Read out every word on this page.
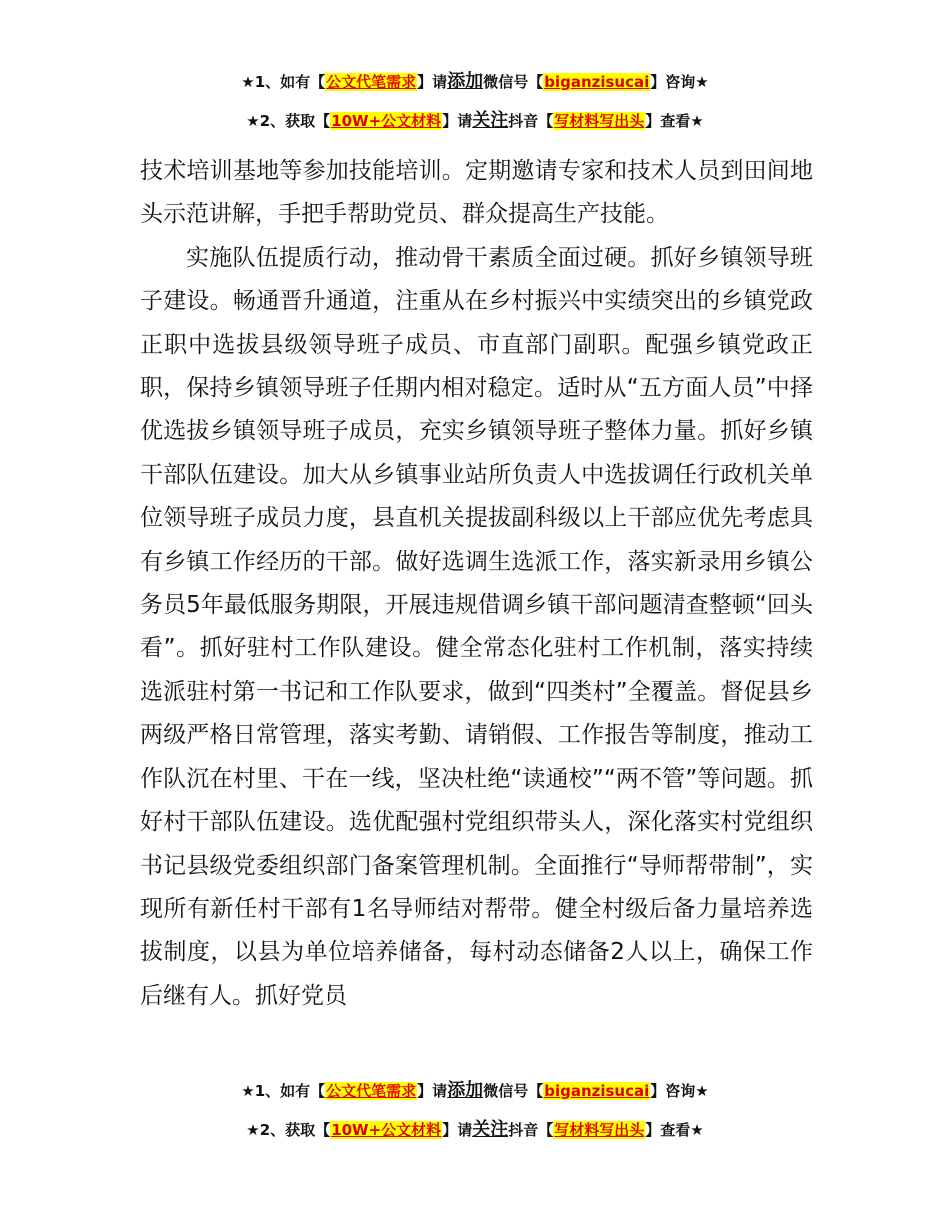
★1、如有【公文代笔需求】请添加微信号【biganzisucai】咨询★
★2、获取【10W+公文材料】请关注抖音【写材料写出头】查看★

技术培训基地等参加技能培训。定期邀请专家和技术人员到田间地头示范讲解，手把手帮助党员、群众提高生产技能。

实施队伍提质行动，推动骨干素质全面过硬。抓好乡镇领导班子建设。畅通晋升通道，注重从在乡村振兴中实绩突出的乡镇党政正职中选拔县级领导班子成员、市直部门副职。配强乡镇党政正职，保持乡镇领导班子任期内相对稳定。适时从“五方面人员”中择优选拔乡镇领导班子成员，充实乡镇领导班子整体力量。抓好乡镇干部队伍建设。加大从乡镇事业站所负责人中选拔调任行政机关单位领导班子成员力度，县直机关提拔副科级以上干部应优先考虑具有乡镇工作经历的干部。做好选调生选派工作，落实新录用乡镇公务员5年最低服务期限，开展违规借调乡镇干部问题清查整顿“回头看”。抓好驻村工作队建设。健全常态化驻村工作机制，落实持续选派驻村第一书记和工作队要求，做到“四类村”全覆盖。督促县乡两级严格日常管理，落实考勤、请销假、工作报告等制度，推动工作队沉在村里、干在一线，坚决杜绝“读通校”“两不管”等问题。抓好村干部队伍建设。选优配强村党组织带头人，深化落实村党组织书记县级党委组织部门备案管理机制。全面推行“导师帮带制”，实现所有新任村干部有1名导师结对帮带。健全村级后备力量培养选拔制度，以县为单位培养储备，每村动态储备2人以上，确保工作后继有人。抓好党员

★1、如有【公文代笔需求】请添加微信号【biganzisucai】咨询★
★2、获取【10W+公文材料】请关注抖音【写材料写出头】查看★
